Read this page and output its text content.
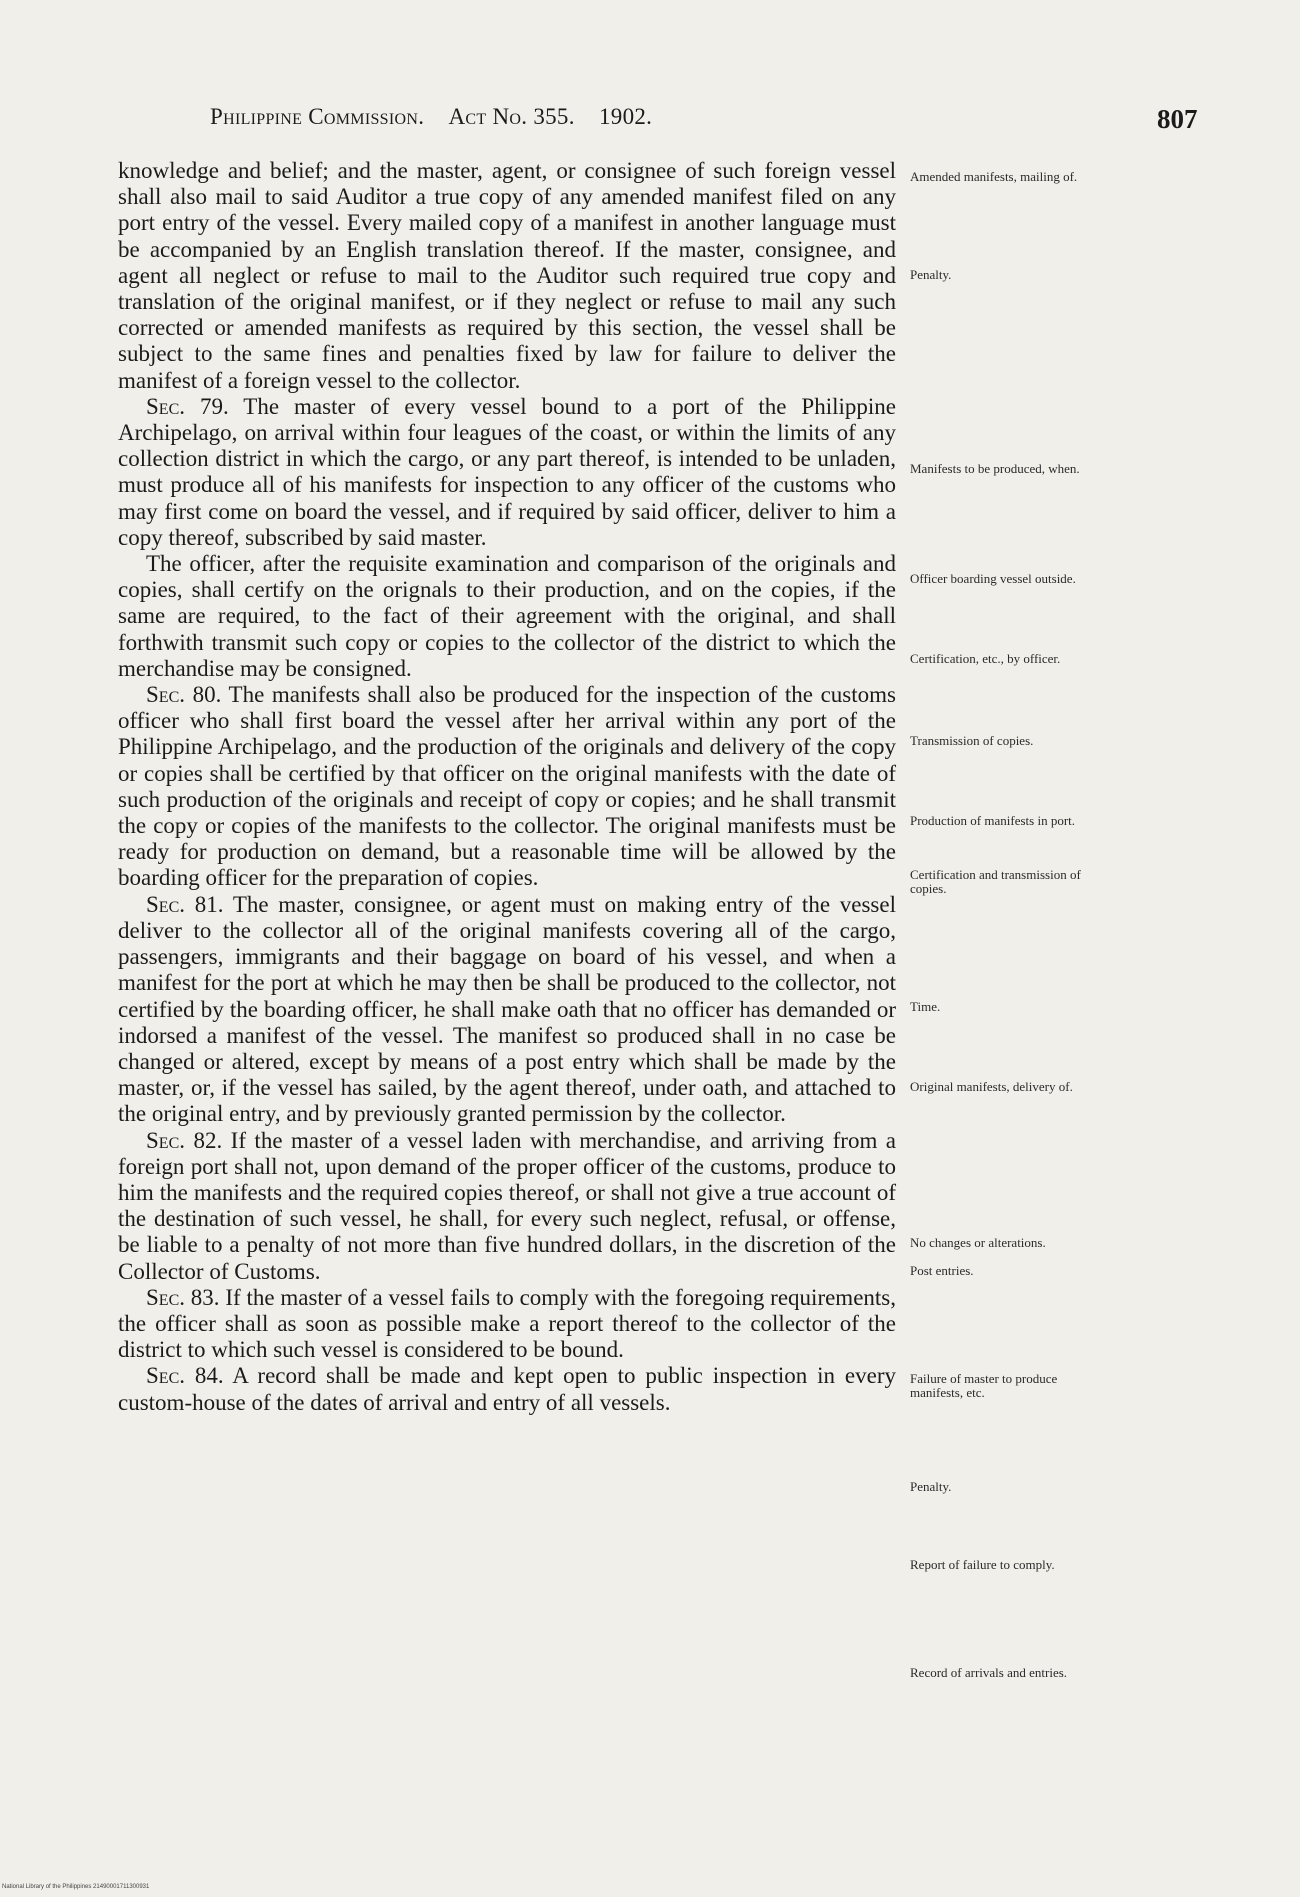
Philippine Commission. Act No. 355. 1902.	807

knowledge and belief; and the master, agent, or consignee of such foreign vessel shall also mail to said Auditor a true copy of any amended manifest filed on any port entry of the vessel. Every mailed copy of a manifest in another language must be accompanied by an English translation thereof. If the master, consignee, and agent all neglect or refuse to mail to the Auditor such required true copy and translation of the original manifest, or if they neglect or refuse to mail any such corrected or amended manifests as required by this section, the vessel shall be subject to the same fines and penalties fixed by law for failure to deliver the manifest of a foreign vessel to the collector.

Sec. 79. The master of every vessel bound to a port of the Philippine Archipelago, on arrival within four leagues of the coast, or within the limits of any collection district in which the cargo, or any part thereof, is intended to be unladen, must produce all of his manifests for inspection to any officer of the customs who may first come on board the vessel, and if required by said officer, deliver to him a copy thereof, subscribed by said master.

The officer, after the requisite examination and comparison of the originals and copies, shall certify on the orignals to their production, and on the copies, if the same are required, to the fact of their agreement with the original, and shall forthwith transmit such copy or copies to the collector of the district to which the merchandise may be consigned.

Sec. 80. The manifests shall also be produced for the inspection of the customs officer who shall first board the vessel after her arrival within any port of the Philippine Archipelago, and the production of the originals and delivery of the copy or copies shall be certified by that officer on the original manifests with the date of such production of the originals and receipt of copy or copies; and he shall transmit the copy or copies of the manifests to the collector. The original manifests must be ready for production on demand, but a reasonable time will be allowed by the boarding officer for the preparation of copies.

Sec. 81. The master, consignee, or agent must on making entry of the vessel deliver to the collector all of the original manifests covering all of the cargo, passengers, immigrants and their baggage on board of his vessel, and when a manifest for the port at which he may then be shall be produced to the collector, not certified by the boarding officer, he shall make oath that no officer has demanded or indorsed a manifest of the vessel. The manifest so produced shall in no case be changed or altered, except by means of a post entry which shall be made by the master, or, if the vessel has sailed, by the agent thereof, under oath, and attached to the original entry, and by previously granted permission by the collector.

Sec. 82. If the master of a vessel laden with merchandise, and arriving from a foreign port shall not, upon demand of the proper officer of the customs, produce to him the manifests and the required copies thereof, or shall not give a true account of the destination of such vessel, he shall, for every such neglect, refusal, or offense, be liable to a penalty of not more than five hundred dollars, in the discretion of the Collector of Customs.

Sec. 83. If the master of a vessel fails to comply with the foregoing requirements, the officer shall as soon as possible make a report thereof to the collector of the district to which such vessel is considered to be bound.

Sec. 84. A record shall be made and kept open to public inspection in every custom-house of the dates of arrival and entry of all vessels.

Amended manifests, mailing of.
Penalty.
Manifests to be produced, when.
Officer boarding vessel outside.
Certification, etc., by officer.
Transmission of copies.
Production of manifests in port.
Certification and transmission of copies.
Time.
Original manifests, delivery of.
No changes or alterations.
Post entries.
Failure of master to produce manifests, etc.
Penalty.
Report of failure to comply.
Record of arrivals and entries.
National Library of the Philippines 21490001711300931
